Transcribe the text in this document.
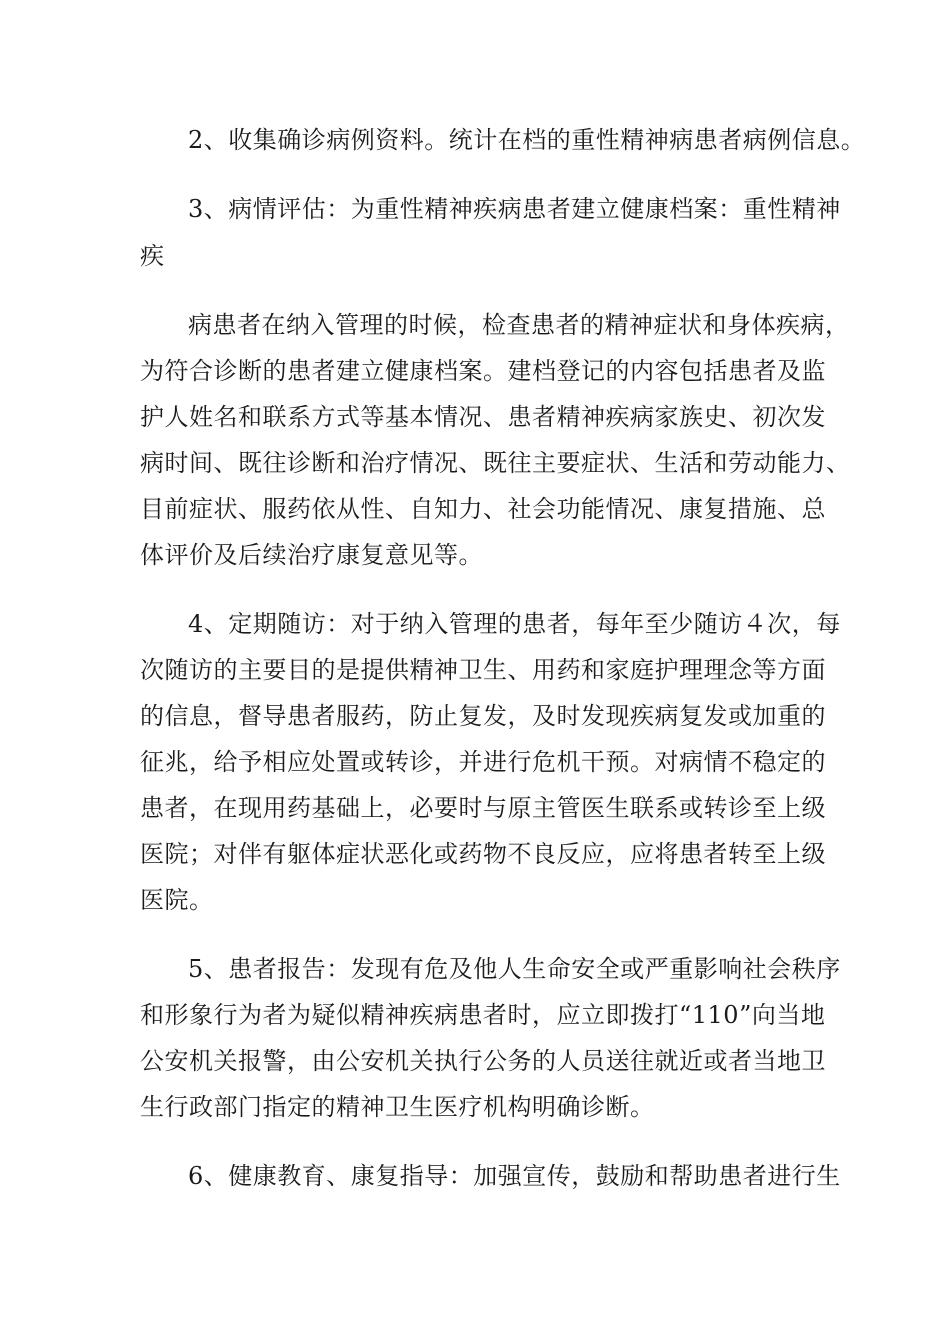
2、收集确诊病例资料。统计在档的重性精神病患者病例信息。
3、病情评估：为重性精神疾病患者建立健康档案：重性精神
疾
病患者在纳入管理的时候，检查患者的精神症状和身体疾病，
为符合诊断的患者建立健康档案。建档登记的内容包括患者及监
护人姓名和联系方式等基本情况、患者精神疾病家族史、初次发
病时间、既往诊断和治疗情况、既往主要症状、生活和劳动能力、
目前症状、服药依从性、自知力、社会功能情况、康复措施、总
体评价及后续治疗康复意见等。
4、定期随访：对于纳入管理的患者，每年至少随访４次，每
次随访的主要目的是提供精神卫生、用药和家庭护理理念等方面
的信息，督导患者服药，防止复发，及时发现疾病复发或加重的
征兆，给予相应处置或转诊，并进行危机干预。对病情不稳定的
患者，在现用药基础上，必要时与原主管医生联系或转诊至上级
医院；对伴有躯体症状恶化或药物不良反应，应将患者转至上级
医院。
5、患者报告：发现有危及他人生命安全或严重影响社会秩序
和形象行为者为疑似精神疾病患者时，应立即拨打“110”向当地
公安机关报警，由公安机关执行公务的人员送往就近或者当地卫
生行政部门指定的精神卫生医疗机构明确诊断。
6、健康教育、康复指导：加强宣传，鼓励和帮助患者进行生
